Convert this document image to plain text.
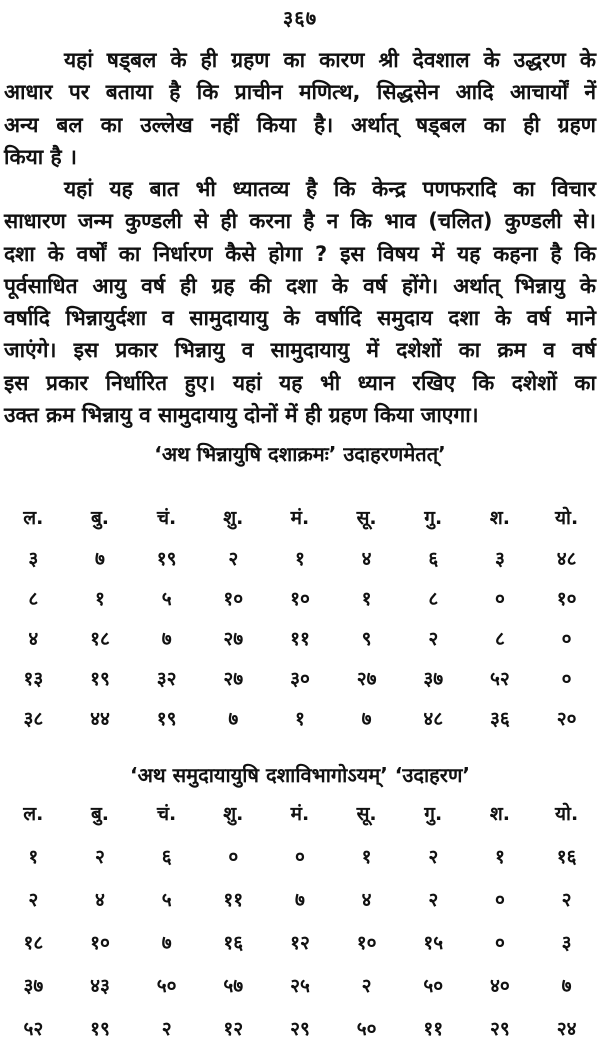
३६७

यहां षड्बल के ही ग्रहण का कारण श्री देवशाल के उद्धरण के
आधार पर बताया है कि प्राचीन मणित्थ, सिद्धसेन आदि आचार्यों नें
अन्य बल का उल्लेख नहीं किया है। अर्थात् षड्बल का ही ग्रहण
किया है ।

यहां यह बात भी ध्यातव्य है कि केन्द्र पणफरादि का विचार
साधारण जन्म कुण्डली से ही करना है न कि भाव (चलित) कुण्डली से।
दशा के वर्षों का निर्धारण कैसे होगा ? इस विषय में यह कहना है कि
पूर्वसाधित आयु वर्ष ही ग्रह की दशा के वर्ष होंगे। अर्थात् भिन्नायु के
वर्षादि भिन्नायुर्दशा व सामुदायायु के वर्षादि समुदाय दशा के वर्ष माने
जाएंगे। इस प्रकार भिन्नायु व सामुदायायु में दशेशों का क्रम व वर्ष
इस प्रकार निर्धारित हुए। यहां यह भी ध्यान रखिए कि दशेशों का
उक्त क्रम भिन्नायु व सामुदायायु दोनों में ही ग्रहण किया जाएगा।

‘अथ भिन्नायुषि दशाक्रमः’ उदाहरणमेतत्’
ल.	बु.	चं.	शु.	मं.	सू.	गु.	श.	यो.
३	७	१९	२	१	४	६	३	४८
८	१	५	१०	१०	१	८	०	१०
४	१८	७	२७	११	९	२	८	०
१३	१९	३२	२७	३०	२७	३७	५२	०
३८	४४	१९	७	१	७	४८	३६	२०
‘अथ समुदायायुषि दशाविभागोऽयम्’ ‘उदाहरण’
ल.	बु.	चं.	शु.	मं.	सू.	गु.	श.	यो.
१	२	६	०	०	१	२	१	१६
२	४	५	११	७	४	२	०	२
१८	१०	७	१६	१२	१०	१५	०	३
३७	४३	५०	५७	२५	२	५०	४०	७
५२	१९	२	१२	२९	५०	११	२९	२४
